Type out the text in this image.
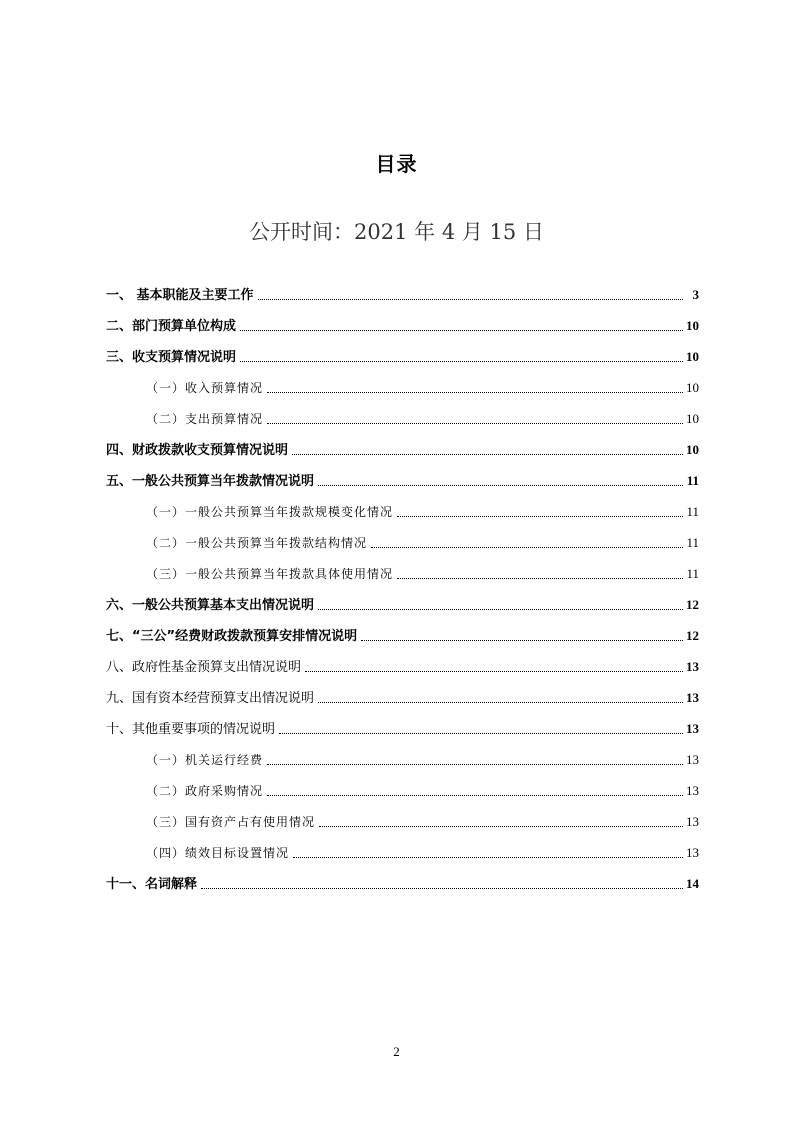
目录
公开时间：2021 年 4 月 15 日
一、 基本职能及主要工作	3
二、部门预算单位构成	10
三、收支预算情况说明	10
（一）收入预算情况	10
（二）支出预算情况	10
四、财政拨款收支预算情况说明	10
五、一般公共预算当年拨款情况说明	11
（一）一般公共预算当年拨款规模变化情况	11
（二）一般公共预算当年拨款结构情况	11
（三）一般公共预算当年拨款具体使用情况	11
六、一般公共预算基本支出情况说明	12
七、“三公”经费财政拨款预算安排情况说明	12
八、政府性基金预算支出情况说明	13
九、国有资本经营预算支出情况说明	13
十、其他重要事项的情况说明	13
（一）机关运行经费	13
（二）政府采购情况	13
（三）国有资产占有使用情况	13
（四）绩效目标设置情况	13
十一、名词解释	14
2
